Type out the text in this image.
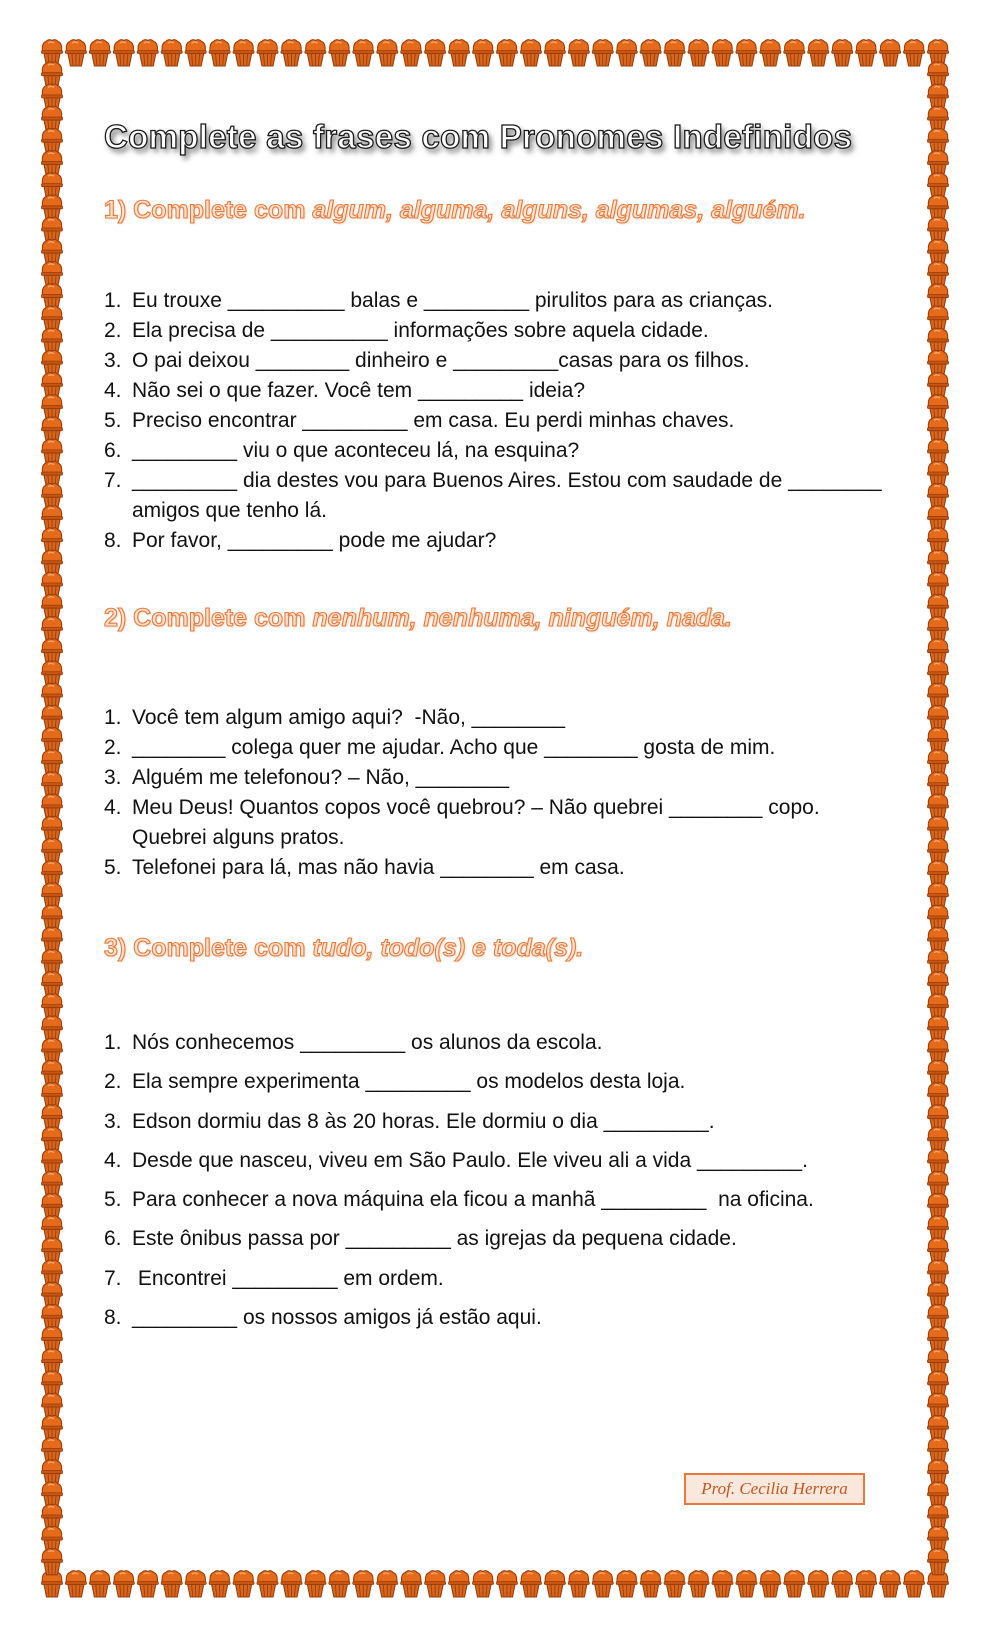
Complete as frases com Pronomes Indefinidos
1) Complete com algum, alguma, alguns, algumas, alguém.
1. Eu trouxe __________ balas e _________ pirulitos para as crianças.
2. Ela precisa de __________ informações sobre aquela cidade.
3. O pai deixou ________ dinheiro e _________casas para os filhos.
4. Não sei o que fazer. Você tem _________ ideia?
5. Preciso encontrar _________ em casa. Eu perdi minhas chaves.
6. _________ viu o que aconteceu lá, na esquina?
7. _________ dia destes vou para Buenos Aires. Estou com saudade de ________ amigos que tenho lá.
8. Por favor, _________ pode me ajudar?
2) Complete com nenhum, nenhuma, ninguém, nada.
1. Você tem algum amigo aqui?  -Não, ________
2. ________ colega quer me ajudar. Acho que ________ gosta de mim.
3. Alguém me telefonou? – Não, ________
4. Meu Deus! Quantos copos você quebrou? – Não quebrei ________ copo. Quebrei alguns pratos.
5. Telefonei para lá, mas não havia ________ em casa.
3) Complete com tudo, todo(s) e toda(s).
1. Nós conhecemos _________ os alunos da escola.
2. Ela sempre experimenta _________ os modelos desta loja.
3. Edson dormiu das 8 às 20 horas. Ele dormiu o dia _________.
4. Desde que nasceu, viveu em São Paulo. Ele viveu ali a vida _________.
5. Para conhecer a nova máquina ela ficou a manhã _________  na oficina.
6. Este ônibus passa por _________ as igrejas da pequena cidade.
7. Encontrei _________ em ordem.
8. _________ os nossos amigos já estão aqui.
Prof. Cecilia Herrera
